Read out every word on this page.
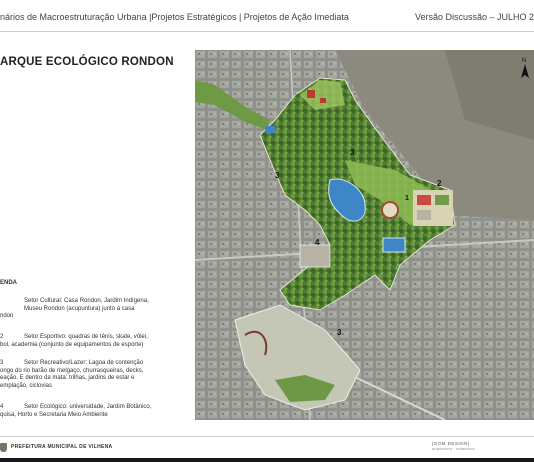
nários de Macroestruturação Urbana |Projetos Estratégicos | Projetos de Ação Imediata	Versão Discussão – JULHO 2
ARQUE ECOLÓGICO RONDON
ENDA
Setor Cultural: Casa Rondon, Jardim Indígena,
Museu Rondon (acupuntura) junto à casa
ndon
2	Setor Esportivo: quadras de tênis, skate, vôlei,
bol, academia (conjunto de equipamentos de esporte)
3	Setor Recreativo/Lazer: Lagoa de contenção
ongo do rio barão de melgaço, churrasqueiras, decks,
eação. E dentro da mata: trilhas, jardins de estar e
emplação, ciclovias
4	Setor Ecológico: universidade, Jardim Botânico,
quisa, Horto e Secretaria Meio Ambiente
3
2
3
4
3
1
N
PREFEITURA MUNICIPAL DE VILHENA
|GOM DESIGN|
arquitetura · urbanismo
